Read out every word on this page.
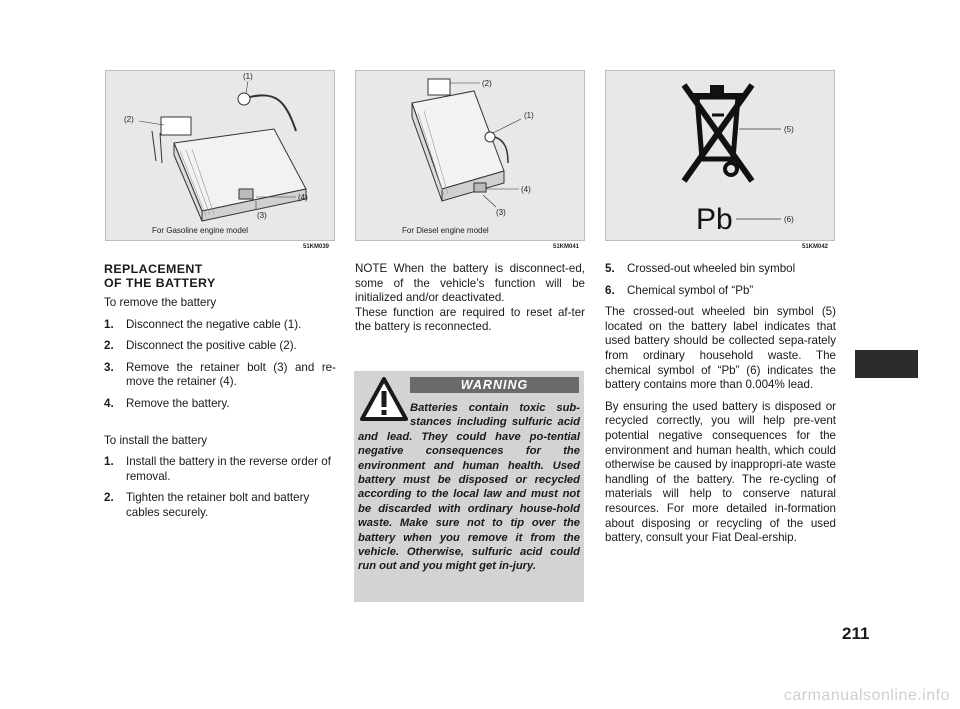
(1)
(2)
(3)
(4)
For Gasoline engine model
51KM039
(2)
(1)
(4)
(3)
For Diesel engine model
51KM041
Pb
(5)
(6)
51KM042
REPLACEMENT
OF THE BATTERY

To remove the battery

1.	Disconnect the negative cable (1).
2.	Disconnect the positive cable (2).
3.	Remove the retainer bolt (3) and re-move the retainer (4).
4.	Remove the battery.

To install the battery

1.	Install the battery in the reverse order of removal.
2.	Tighten the retainer bolt and battery cables securely.
NOTE When the battery is disconnect-ed, some of the vehicle’s function will be initialized and/or deactivated.
These function are required to reset af-ter the battery is reconnected.
WARNING
Batteries contain toxic sub-stances including sulfuric acid and lead. They could have po-tential negative consequences for the environment and human health. Used battery must be disposed or recycled according to the local law and must not be discarded with ordinary house-hold waste. Make sure not to tip over the battery when you remove it from the vehicle. Otherwise, sulfuric acid could run out and you might get in-jury.
5.	Crossed-out wheeled bin symbol
6.	Chemical symbol of “Pb”

The crossed-out wheeled bin symbol (5) located on the battery label indicates that used battery should be collected sepa-rately from ordinary household waste. The chemical symbol of “Pb” (6) indicates the battery contains more than 0.004% lead.

By ensuring the used battery is disposed or recycled correctly, you will help pre-vent potential negative consequences for the environment and human health, which could otherwise be caused by inappropri-ate waste handling of the battery. The re-cycling of materials will help to conserve natural resources. For more detailed in-formation about disposing or recycling of the used battery, consult your Fiat Deal-ership.

211
carmanualsonline.info
